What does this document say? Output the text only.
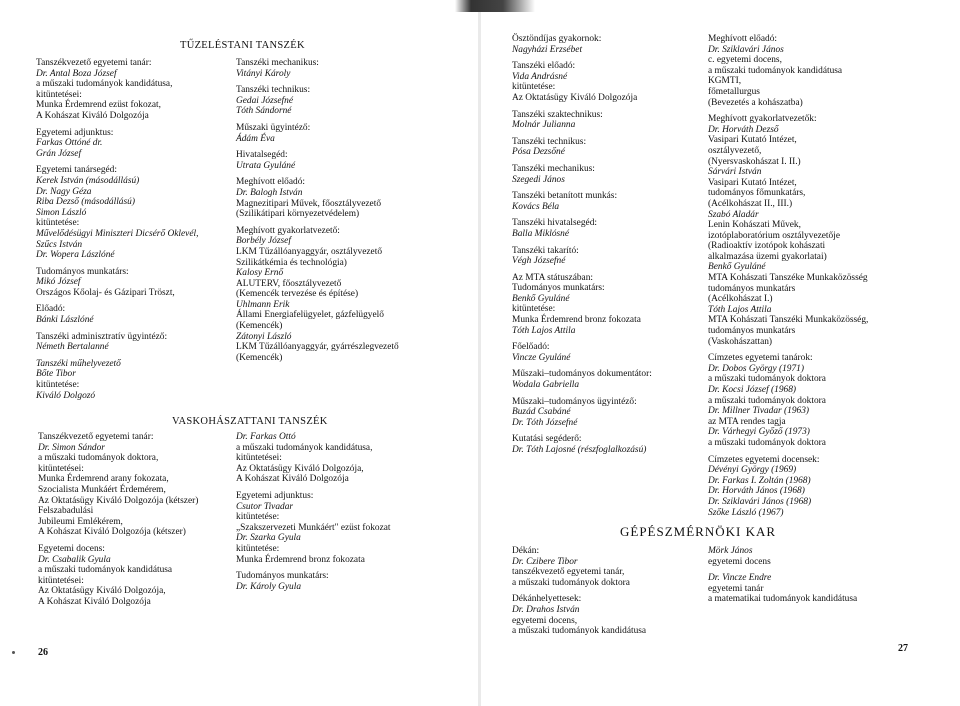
TŰZELÉSTANI TANSZÉK
Tanszékvezető egyetemi tanár:
Dr. Antal Boza József
a műszaki tudományok kandidátusa,
kitüntetései:
Munka Érdemrend ezüst fokozat,
A Kohászat Kiváló Dolgozója
Egyetemi adjunktus:
Farkas Ottóné dr.
Grán József
Egyetemi tanársegéd:
Kerek István (másodállású)
Dr. Nagy Géza
Riba Dezső (másodállású)
Simon László
kitüntetése:
Művelődésügyi Miniszteri Dicsérő Oklevél,
Szűcs István
Dr. Wopera Lászlóné
Tudományos munkatárs:
Mikó József
Országos Kőolaj- és Gázipari Tröszt,
Előadó:
Bánki Lászlóné
Tanszéki adminisztratív ügyintéző:
Németh Bertalanné
Tanszéki műhelyvezető
Bőte Tibor
kitüntetése:
Kiváló Dolgozó
Tanszéki mechanikus:
Vitányi Károly
Tanszéki technikus:
Gedai Józsefné
Tóth Sándorné
Műszaki ügyintéző:
Ádám Éva
Hivatalsegéd:
Utrata Gyuláné
Meghívott előadó:
Dr. Balogh István
Magnezitipari Művek, főosztályvezető
(Szilikátipari környezetvédelem)
Meghívott gyakorlatvezető:
Borbély József
LKM Tűzállóanyaggyár, osztályvezető
Szilikátkémia és technológia)
Kalosy Ernő
ALUTERV, főosztályvezető
(Kemencék tervezése és építése)
Uhlmann Erik
Állami Energiafelügyelet, gázfelügyelő
(Kemencék)
Zátonyi László
LKM Tűzállóanyaggyár, gyárrészlegvezető
(Kemencék)
VASKOHÁSZATTANI TANSZÉK
Tanszékvezető egyetemi tanár:
Dr. Simon Sándor
a műszaki tudományok doktora,
kitüntetései:
Munka Érdemrend arany fokozata,
Szocialista Munkáért Érdemérem,
Az Oktatásügy Kiváló Dolgozója (kétszer)
Felszabadulási
Jubileumi Emlékérem,
A Kohászat Kiváló Dolgozója (kétszer)
Egyetemi docens:
Dr. Csabalik Gyula
a műszaki tudományok kandidátusa
kitüntetései:
Az Oktatásügy Kiváló Dolgozója,
A Kohászat Kiváló Dolgozója
Dr. Farkas Ottó
a műszaki tudományok kandidátusa,
kitüntetései:
Az Oktatásügy Kiváló Dolgozója,
A Kohászat Kiváló Dolgozója
Egyetemi adjunktus:
Csutor Tivadar
kitüntetése:
„Szakszervezeti Munkáért" ezüst fokozat
Dr. Szarka Gyula
kitüntetése:
Munka Érdemrend bronz fokozata
Tudományos munkatárs:
Dr. Károly Gyula
26
Ösztöndíjas gyakornok:
Nagyházi Erzsébet
Tanszéki előadó:
Vida Andrásné
kitüntetése:
Az Oktatásügy Kiváló Dolgozója
Tanszéki szaktechnikus:
Molnár Julianna
Tanszéki technikus:
Pósa Dezsőné
Tanszéki mechanikus:
Szegedi János
Tanszéki betanított munkás:
Kovács Béla
Tanszéki hivatalsegéd:
Balla Miklósné
Tanszéki takarító:
Végh Józsefné
Az MTA státuszában:
Tudományos munkatárs:
Benkő Gyuláné
kitüntetése:
Munka Érdemrend bronz fokozata
Tóth Lajos Attila
Főelőadó:
Vincze Gyuláné
Műszaki–tudományos dokumentátor:
Wodala Gabriella
Műszaki–tudományos ügyintéző:
Buzád Csabáné
Dr. Tóth Józsefné
Kutatási segéderő:
Dr. Tóth Lajosné (részfoglalkozású)
Meghívott előadó:
Dr. Sziklavári János
c. egyetemi docens,
a műszaki tudományok kandidátusa
KGMTI,
főmetallurgus
(Bevezetés a kohászatba)
Meghívott gyakorlatvezetők:
Dr. Horváth Dezső
Vasipari Kutató Intézet,
osztályvezető,
(Nyersvaskohászat I. II.)
Sárvári István
Vasipari Kutató Intézet,
tudományos főmunkatárs,
(Acélkohászat II., III.)
Szabó Aladár
Lenin Kohászati Művek,
izotóplaboratórium osztályvezetője
(Radioaktív izotópok kohászati
alkalmazása üzemi gyakorlatai)
Benkő Gyuláné
MTA Kohászati Tanszéke Munkaközösség
tudományos munkatárs
(Acélkohászat I.)
Tóth Lajos Attila
MTA Kohászati Tanszéki Munkaközösség,
tudományos munkatárs
(Vaskohászattan)
Címzetes egyetemi tanárok:
Dr. Dobos György (1971)
a műszaki tudományok doktora
Dr. Kocsi József (1968)
a műszaki tudományok doktora
Dr. Millner Tivadar (1963)
az MTA rendes tagja
Dr. Várhegyi Győző (1973)
a műszaki tudományok doktora
Címzetes egyetemi docensek:
Dévényi György (1969)
Dr. Farkas I. Zoltán (1968)
Dr. Horváth János (1968)
Dr. Sziklavári János (1968)
Szőke László (1967)
GÉPÉSZMÉRNÖKI KAR
Dékán:
Dr. Czibere Tibor
tanszékvezető egyetemi tanár,
a műszaki tudományok doktora
Dékánhelyettesek:
Dr. Drahos István
egyetemi docens,
a műszaki tudományok kandidátusa
Mörk János
egyetemi docens
Dr. Vincze Endre
egyetemi tanár
a matematikai tudományok kandidátusa
27
